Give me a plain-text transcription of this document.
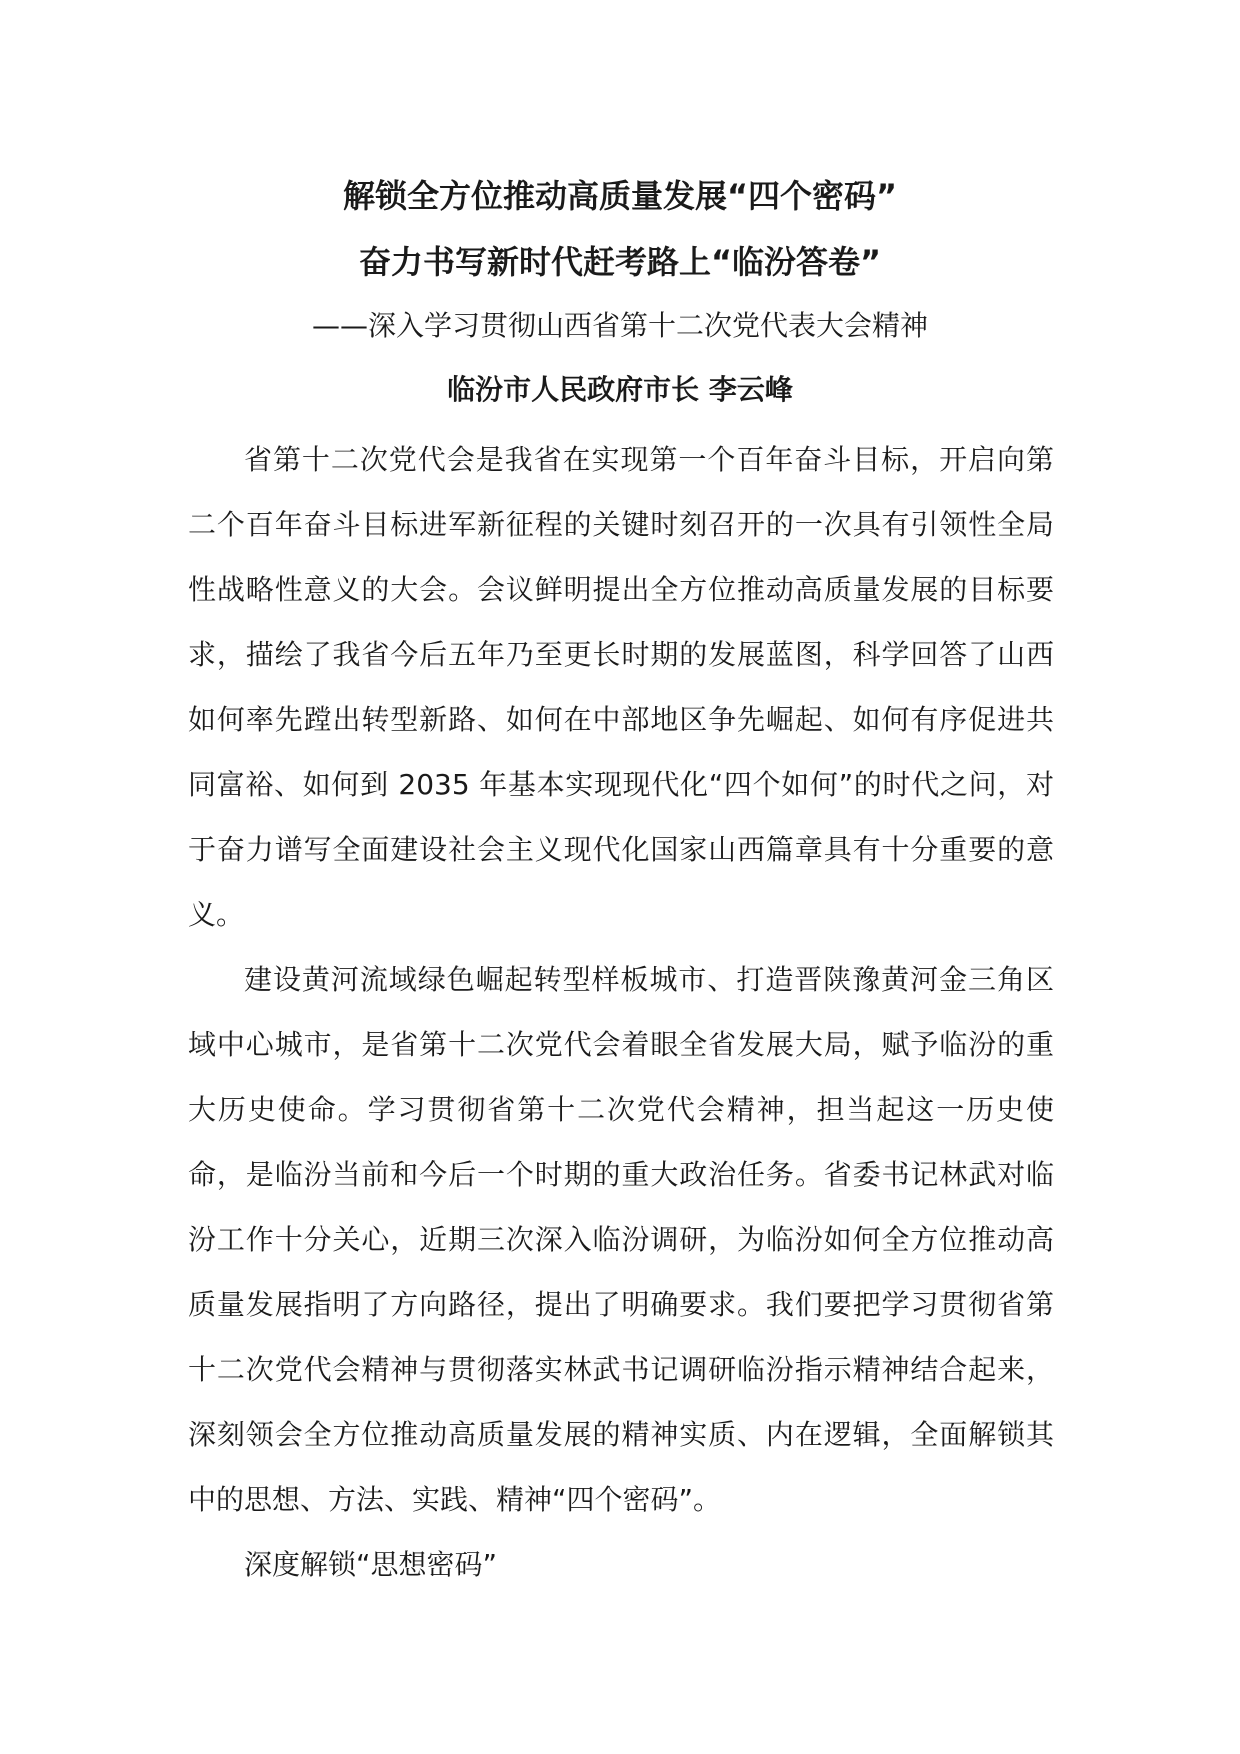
解锁全方位推动高质量发展“四个密码”
奋力书写新时代赶考路上“临汾答卷”

——深入学习贯彻山西省第十二次党代表大会精神

临汾市人民政府市长 李云峰

省第十二次党代会是我省在实现第一个百年奋斗目标，开启向第二个百年奋斗目标进军新征程的关键时刻召开的一次具有引领性全局性战略性意义的大会。会议鲜明提出全方位推动高质量发展的目标要求，描绘了我省今后五年乃至更长时期的发展蓝图，科学回答了山西如何率先蹚出转型新路、如何在中部地区争先崛起、如何有序促进共同富裕、如何到 2035 年基本实现现代化“四个如何”的时代之问，对于奋力谱写全面建设社会主义现代化国家山西篇章具有十分重要的意义。

建设黄河流域绿色崛起转型样板城市、打造晋陕豫黄河金三角区域中心城市，是省第十二次党代会着眼全省发展大局，赋予临汾的重大历史使命。学习贯彻省第十二次党代会精神，担当起这一历史使命，是临汾当前和今后一个时期的重大政治任务。省委书记林武对临汾工作十分关心，近期三次深入临汾调研，为临汾如何全方位推动高质量发展指明了方向路径，提出了明确要求。我们要把学习贯彻省第十二次党代会精神与贯彻落实林武书记调研临汾指示精神结合起来，深刻领会全方位推动高质量发展的精神实质、内在逻辑，全面解锁其中的思想、方法、实践、精神“四个密码”。

深度解锁“思想密码”
